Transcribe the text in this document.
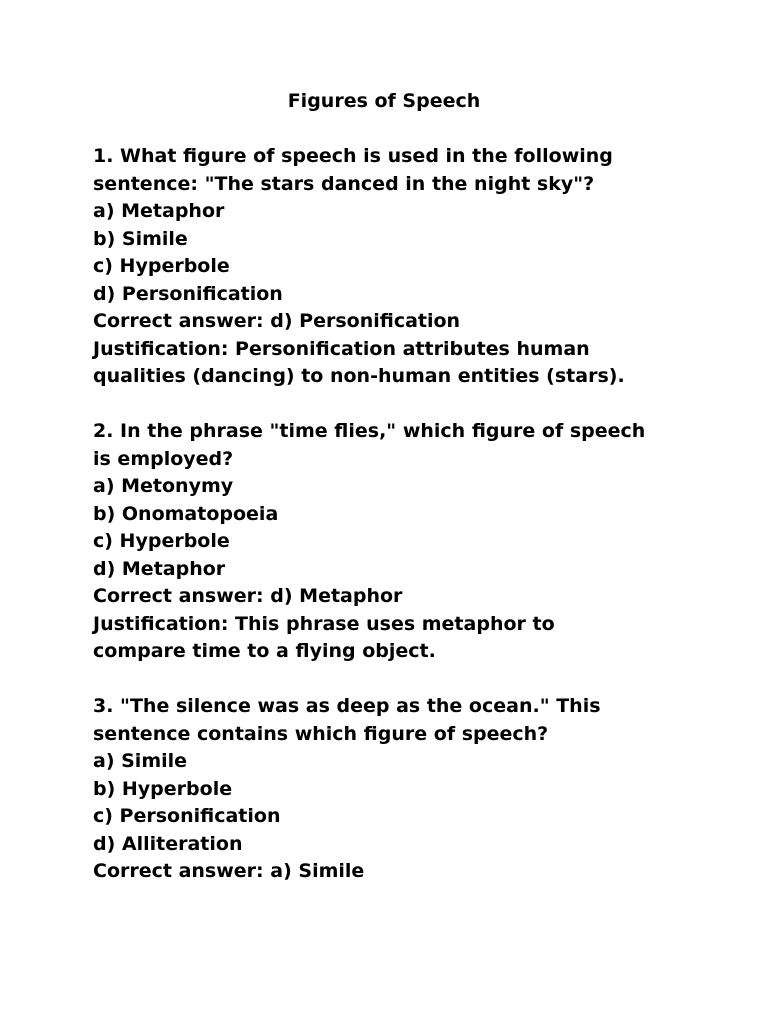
Figures of Speech
1. What figure of speech is used in the following
sentence: "The stars danced in the night sky"?
a) Metaphor
b) Simile
c) Hyperbole
d) Personification
Correct answer: d) Personification
Justification: Personification attributes human
qualities (dancing) to non-human entities (stars).
2. In the phrase "time flies," which figure of speech
is employed?
a) Metonymy
b) Onomatopoeia
c) Hyperbole
d) Metaphor
Correct answer: d) Metaphor
Justification: This phrase uses metaphor to
compare time to a flying object.
3. "The silence was as deep as the ocean." This
sentence contains which figure of speech?
a) Simile
b) Hyperbole
c) Personification
d) Alliteration
Correct answer: a) Simile
